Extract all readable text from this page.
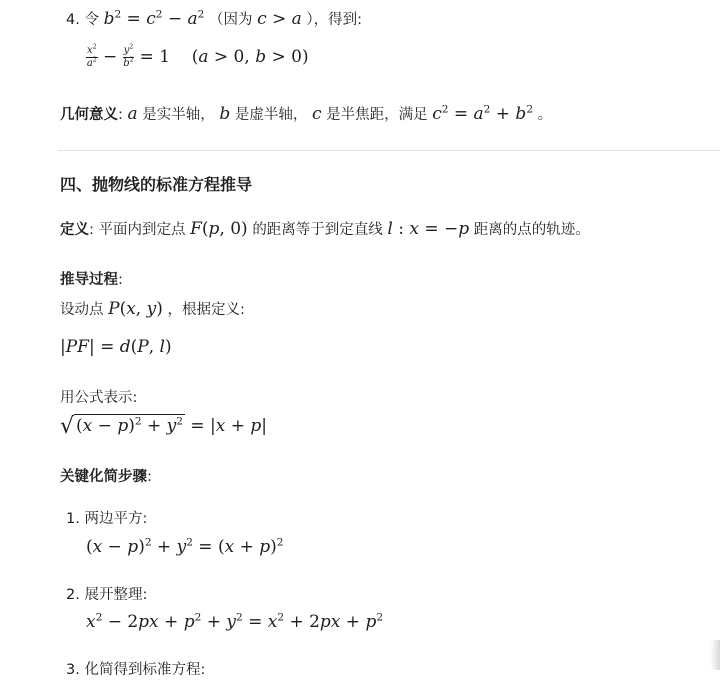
4. 令 $b^2 = c^2 - a^2$ （因为 c > a ），得到:
$\frac{x^2}{a^2} - \frac{y^2}{b^2} = 1$    (a > 0, b > 0)
几何意义: a 是实半轴， b 是虚半轴， c 是半焦距，满足 $c^2 = a^2 + b^2$ 。
四、抛物线的标准方程推导
定义: 平面内到定点 F(p, 0) 的距离等于到定直线 l : x = −p 距离的点的轨迹。
推导过程:
设动点 P(x, y) ，根据定义:
|PF| = d(P, l)
用公式表示:
√ $(x - p)^2 + y^2 = |x + p|$
关键化简步骤:
1. 两边平方:
$(x - p)^2 + y^2 = (x + p)^2$
2. 展开整理:
$x^2 - 2px + p^2 + y^2 = x^2 + 2px + p^2$
3. 化简得到标准方程:
